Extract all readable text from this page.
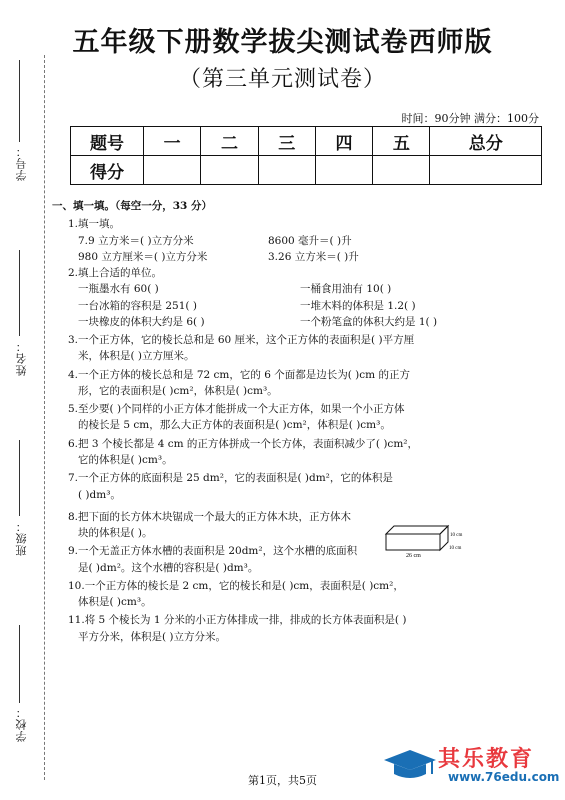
学号：
姓名：
班级：
学校：
五年级下册数学拔尖测试卷西师版
（第三单元测试卷）
时间：90分钟 满分：100分
题号	一	二	三	四	五	总分
得分						
一、填一填。（每空一分，33 分）
1.填一填。
7.9 立方米＝( )立方分米	8600 毫升＝( )升
980 立方厘米＝( )立方分米	3.26 立方米＝( )升
2.填上合适的单位。
一瓶墨水有 60( )	一桶食用油有 10( )
一台冰箱的容积是 251( )	一堆木料的体积是 1.2( )
一块橡皮的体积大约是 6( )	一个粉笔盒的体积大约是 1( )
3.一个正方体，它的棱长总和是 60 厘米，这个正方体的表面积是( )平方厘
米，体积是( )立方厘米。
4.一个正方体的棱长总和是 72 cm，它的 6 个面都是边长为( )cm 的正方
形，它的表面积是( )cm²，体积是( )cm³。
5.至少要( )个同样的小正方体才能拼成一个大正方体，如果一个小正方体
的棱长是 5 cm，那么大正方体的表面积是( )cm²，体积是( )cm³。
6.把 3 个棱长都是 4 cm 的正方体拼成一个长方体，表面积减少了( )cm²，
它的体积是( )cm³。
7.一个正方体的底面积是 25 dm²，它的表面积是( )dm²，它的体积是
( )dm³。
8.把下面的长方体木块锯成一个最大的正方体木块，正方体木
块的体积是( )。
9.一个无盖正方体水槽的表面积是 20dm²，这个水槽的底面积
是( )dm²。这个水槽的容积是( )dm³。
10.一个正方体的棱长是 2 cm，它的棱长和是( )cm，表面积是( )cm²，
体积是( )cm³。
11.将 5 个棱长为 1 分米的小正方体排成一排，排成的长方体表面积是( )
平方分米，体积是( )立方分米。
26 cm
10 cm
10 cm
第1页，共5页
其乐教育
www.76edu.com
